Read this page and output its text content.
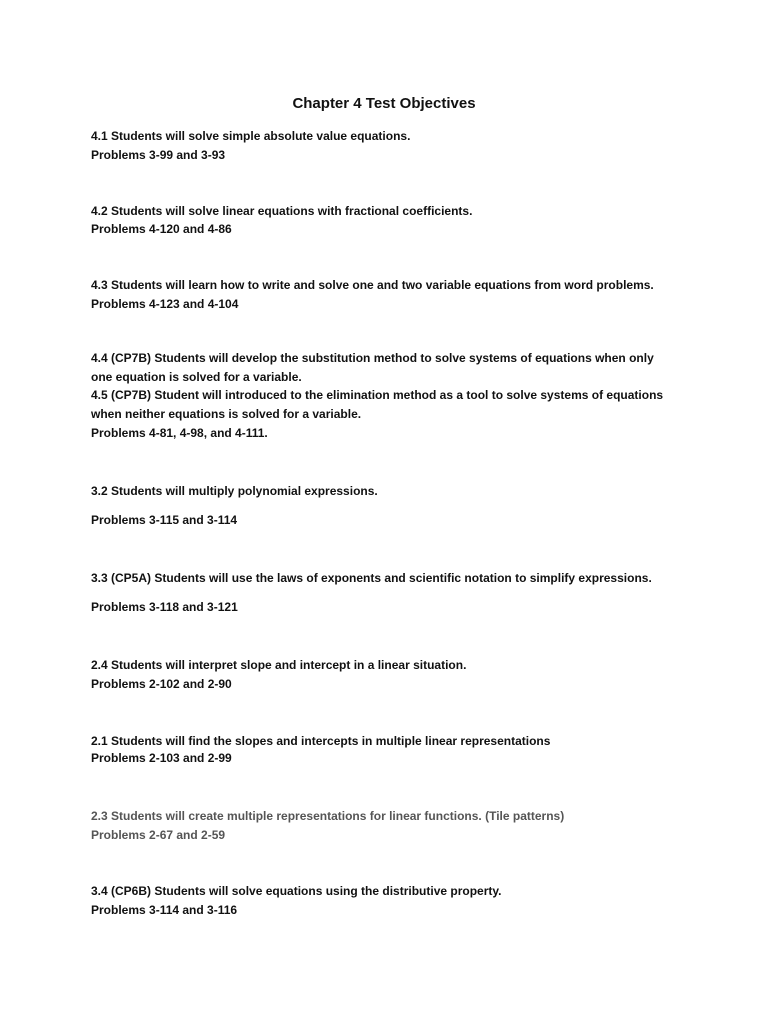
Chapter 4 Test Objectives
4.1 Students will solve simple absolute value equations.
Problems 3-99 and 3-93
4.2 Students will solve linear equations with fractional coefficients.
Problems 4-120 and 4-86
4.3 Students will learn how to write and solve one and two variable equations from word problems.
Problems 4-123 and 4-104
4.4 (CP7B) Students will develop the substitution method to solve systems of equations when only
one equation is solved for a variable.
4.5 (CP7B) Student will introduced to the elimination method as a tool to solve systems of equations
when neither equations is solved for a variable.
Problems 4-81, 4-98, and 4-111.
3.2 Students will multiply polynomial expressions.
Problems 3-115 and 3-114
3.3 (CP5A) Students will use the laws of exponents and scientific notation to simplify expressions.
Problems 3-118 and 3-121
2.4 Students will interpret slope and intercept in a linear situation.
Problems 2-102 and 2-90
2.1 Students will find the slopes and intercepts in multiple linear representations
Problems 2-103 and 2-99
2.3 Students will create multiple representations for linear functions. (Tile patterns)
Problems 2-67 and 2-59
3.4 (CP6B) Students will solve equations using the distributive property.
Problems 3-114 and 3-116
